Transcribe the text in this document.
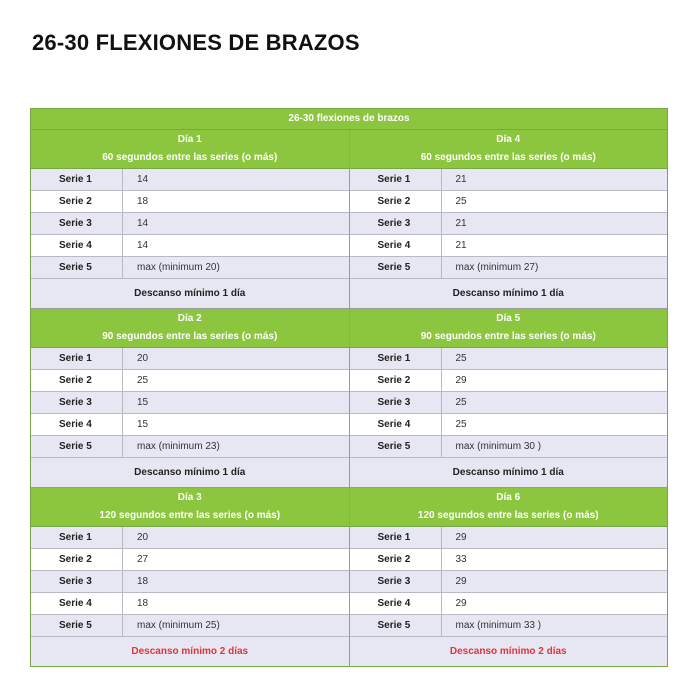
26-30 FLEXIONES DE BRAZOS
26-30 flexiones de brazos
Día 1
60 segundos entre las series (o más)
Serie 1	14
Serie 2	18
Serie 3	14
Serie 4	14
Serie 5	max (minimum 20)
Descanso mínimo 1 día
Día 4
60 segundos entre las series (o más)
Serie 1	21
Serie 2	25
Serie 3	21
Serie 4	21
Serie 5	max (minimum 27)
Descanso mínimo 1 día
Día 2
90 segundos entre las series (o más)
Serie 1	20
Serie 2	25
Serie 3	15
Serie 4	15
Serie 5	max (minimum 23)
Descanso mínimo 1 día
Día 5
90 segundos entre las series (o más)
Serie 1	25
Serie 2	29
Serie 3	25
Serie 4	25
Serie 5	max (minimum 30 )
Descanso mínimo 1 día
Día 3
120 segundos entre las series (o más)
Serie 1	20
Serie 2	27
Serie 3	18
Serie 4	18
Serie 5	max (minimum 25)
Descanso mínimo 2 días
Día 6
120 segundos entre las series (o más)
Serie 1	29
Serie 2	33
Serie 3	29
Serie 4	29
Serie 5	max (minimum 33 )
Descanso mínimo 2 días
